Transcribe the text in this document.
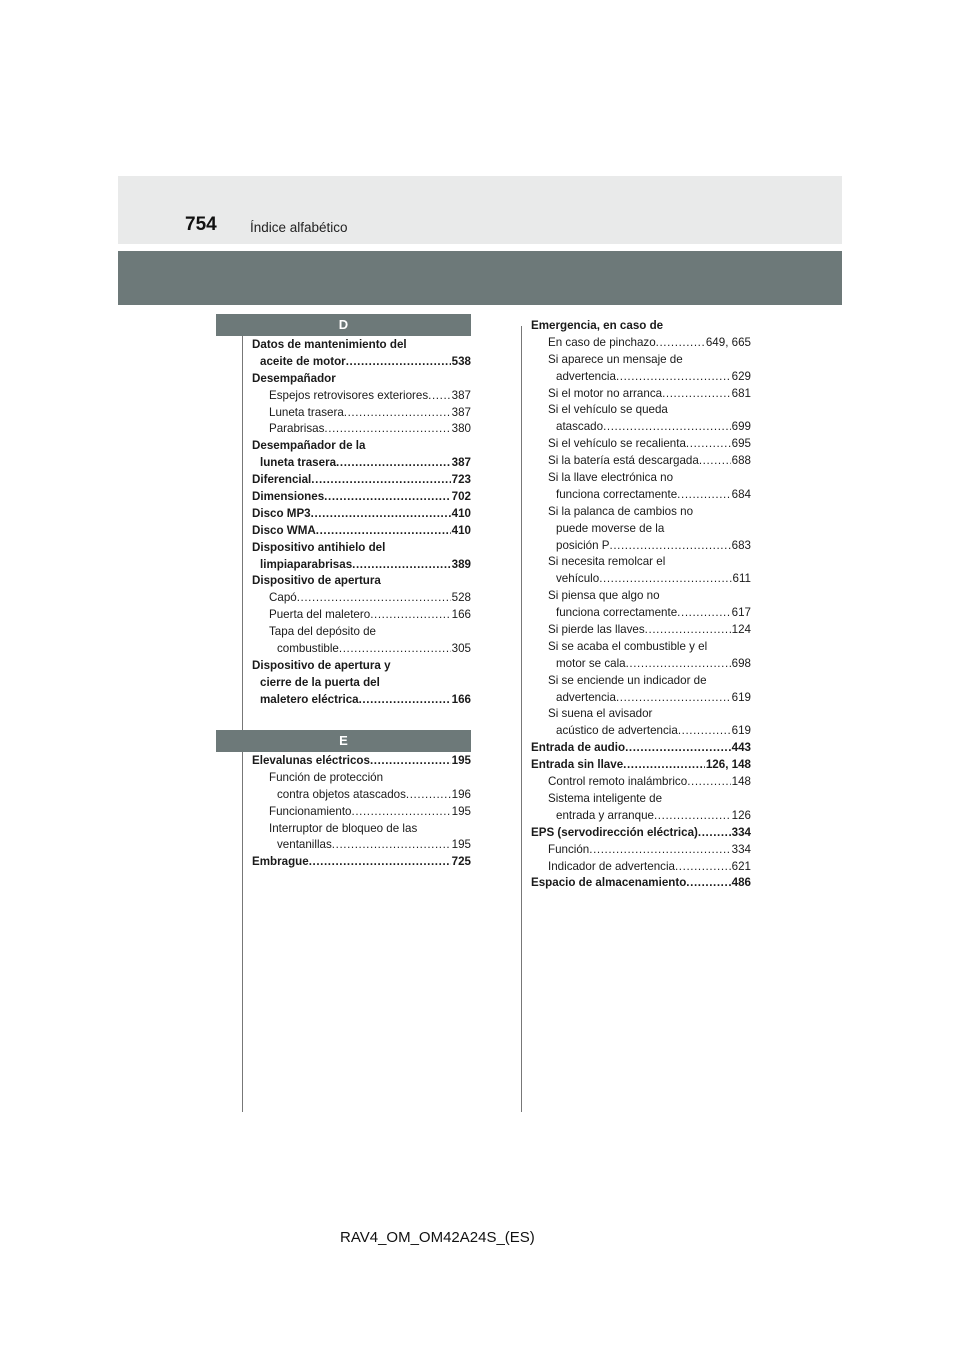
754 Índice alfabético
D
Datos de mantenimiento del
aceite de motor .....	538
Desempañador
Espejos retrovisores exteriores ..... 387
Luneta trasera .....	387
Parabrisas .....	380
Desempañador de la
luneta trasera .....	387
Diferencial .....	723
Dimensiones .....	702
Disco MP3 .....	410
Disco WMA .....	410
Dispositivo antihielo del
limpiaparabrisas .....	389
Dispositivo de apertura
Capó .....	528
Puerta del maletero .....	166
Tapa del depósito de
combustible .....	305
Dispositivo de apertura y
cierre de la puerta del
maletero eléctrica .....	166
E
Elevalunas eléctricos .....	195
Función de protección
contra objetos atascados .....	196
Funcionamiento .....	195
Interruptor de bloqueo de las
ventanillas .....	195
Embrague .....	725
Emergencia, en caso de
En caso de pinchazo .....	649, 665
Si aparece un mensaje de
advertencia .....	629
Si el motor no arranca .....	681
Si el vehículo se queda
atascado .....	699
Si el vehículo se recalienta .....	695
Si la batería está descargada .....	688
Si la llave electrónica no
funciona correctamente .....	684
Si la palanca de cambios no
puede moverse de la
posición P .....	683
Si necesita remolcar el
vehículo .....	611
Si piensa que algo no
funciona correctamente .....	617
Si pierde las llaves .....	124
Si se acaba el combustible y el
motor se cala .....	698
Si se enciende un indicador de
advertencia .....	619
Si suena el avisador
acústico de advertencia .....	619
Entrada de audio .....	443
Entrada sin llave .....	126, 148
Control remoto inalámbrico .....	148
Sistema inteligente de
entrada y arranque .....	126
EPS (servodirección eléctrica) .....	334
Función .....	334
Indicador de advertencia .....	621
Espacio de almacenamiento .....	486
RAV4_OM_OM42A24S_(ES)
